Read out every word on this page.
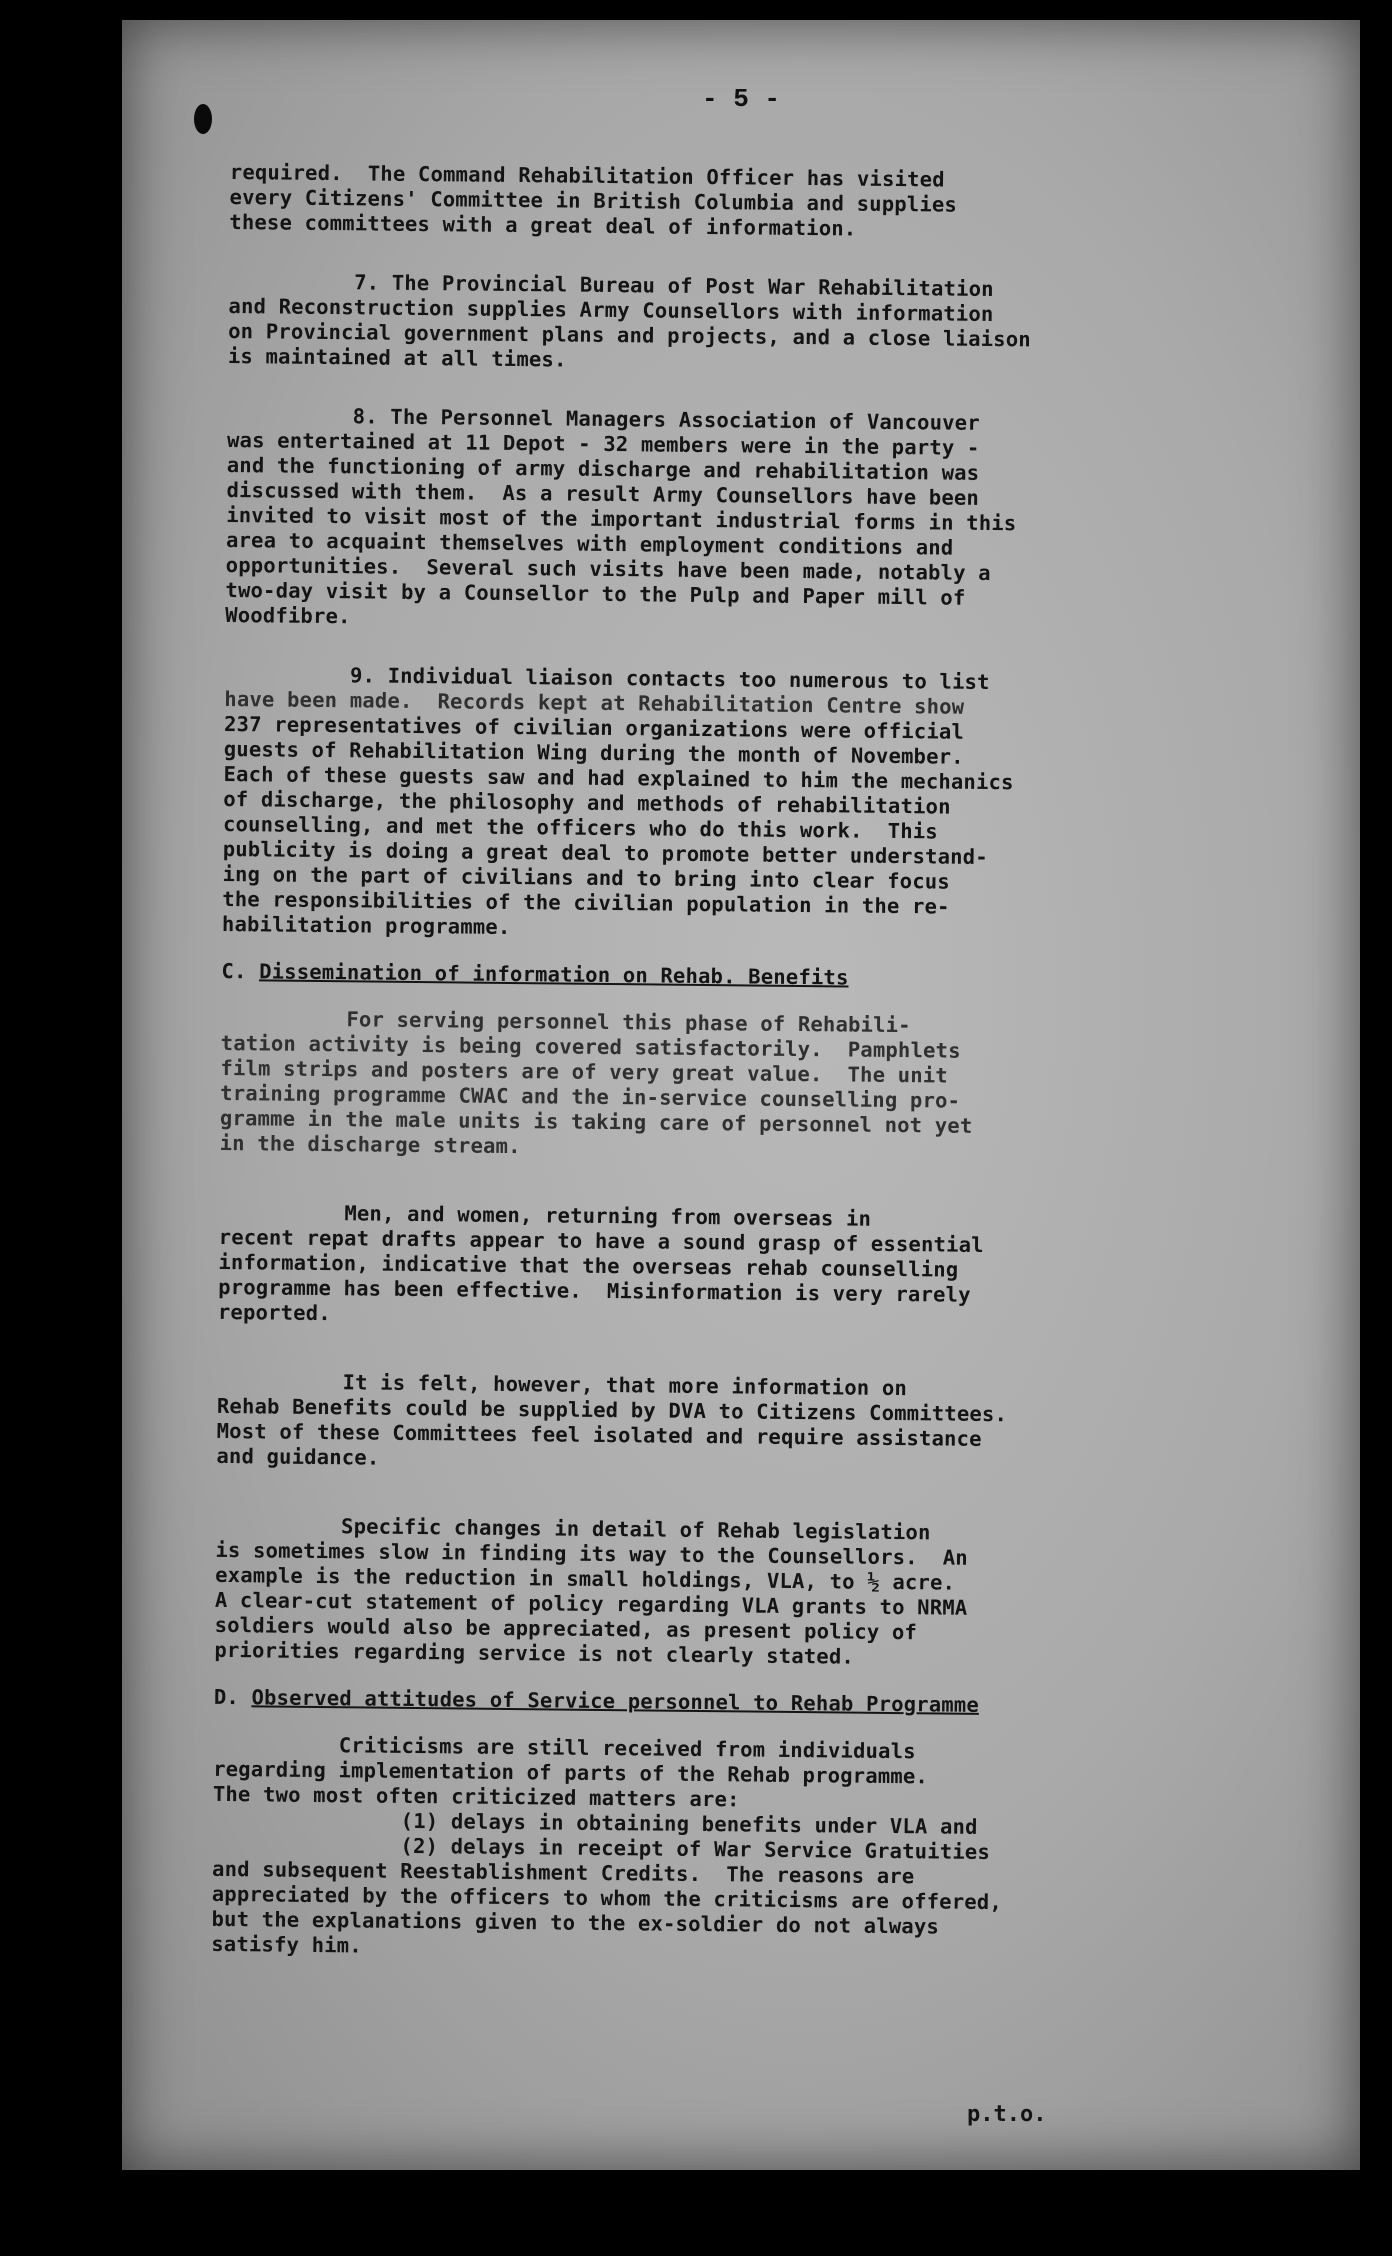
- 5 -
required.  The Command Rehabilitation Officer has visited
every Citizens' Committee in British Columbia and supplies
these committees with a great deal of information.
7. The Provincial Bureau of Post War Rehabilitation
and Reconstruction supplies Army Counsellors with information
on Provincial government plans and projects, and a close liaison
is maintained at all times.
8. The Personnel Managers Association of Vancouver
was entertained at 11 Depot - 32 members were in the party -
and the functioning of army discharge and rehabilitation was
discussed with them.  As a result Army Counsellors have been
invited to visit most of the important industrial forms in this
area to acquaint themselves with employment conditions and
opportunities.  Several such visits have been made, notably a
two-day visit by a Counsellor to the Pulp and Paper mill of
Woodfibre.
9. Individual liaison contacts too numerous to list
have been made.  Records kept at Rehabilitation Centre show
237 representatives of civilian organizations were official
guests of Rehabilitation Wing during the month of November.
Each of these guests saw and had explained to him the mechanics
of discharge, the philosophy and methods of rehabilitation
counselling, and met the officers who do this work.  This
publicity is doing a great deal to promote better understand-
ing on the part of civilians and to bring into clear focus
the responsibilities of the civilian population in the re-
habilitation programme.
C. Dissemination of information on Rehab. Benefits
For serving personnel this phase of Rehabili-
tation activity is being covered satisfactorily.  Pamphlets
film strips and posters are of very great value.  The unit
training programme CWAC and the in-service counselling pro-
gramme in the male units is taking care of personnel not yet
in the discharge stream.
Men, and women, returning from overseas in
recent repat drafts appear to have a sound grasp of essential
information, indicative that the overseas rehab counselling
programme has been effective.  Misinformation is very rarely
reported.
It is felt, however, that more information on
Rehab Benefits could be supplied by DVA to Citizens Committees.
Most of these Committees feel isolated and require assistance
and guidance.
Specific changes in detail of Rehab legislation
is sometimes slow in finding its way to the Counsellors.  An
example is the reduction in small holdings, VLA, to ½ acre.
A clear-cut statement of policy regarding VLA grants to NRMA
soldiers would also be appreciated, as present policy of
priorities regarding service is not clearly stated.
D. Observed attitudes of Service personnel to Rehab Programme
Criticisms are still received from individuals
regarding implementation of parts of the Rehab programme.
The two most often criticized matters are:
(1) delays in obtaining benefits under VLA and
(2) delays in receipt of War Service Gratuities
and subsequent Reestablishment Credits.  The reasons are
appreciated by the officers to whom the criticisms are offered,
but the explanations given to the ex-soldier do not always
satisfy him.
p.t.o.
